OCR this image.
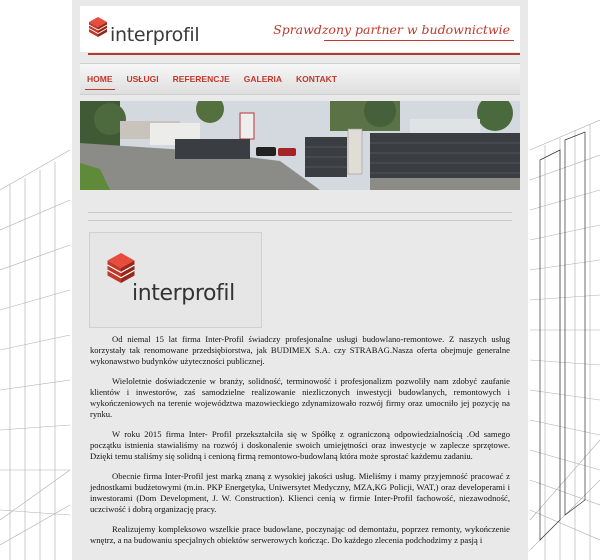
interprofil	Sprawdzony partner w budownictwie
HOME	USŁUGI	REFERENCJE	GALERIA	KONTAKT
interprofil

Od niemal 15 lat firma Inter-Profil świadczy profesjonalne usługi budowlano-remontowe. Z naszych usług korzystały tak renomowane przedsiębiorstwa, jak BUDIMEX S.A. czy STRABAG.Nasza oferta obejmuje generalne wykonawstwo budynków użyteczności publicznej.

Wieloletnie doświadczenie w branży, solidność, terminowość i profesjonalizm pozwoliły nam zdobyć zaufanie klientów i inwestorów, zaś samodzielne realizowanie niezliczonych inwestycji budowlanych, remontowych i wykończeniowych na terenie województwa mazowieckiego zdynamizowało rozwój firmy oraz umocniło jej pozycję na rynku.

W roku 2015 firma Inter- Profil przekształciła się w Spółkę z ograniczoną odpowiedzialnością .Od samego początku istnienia stawialiśmy na rozwój i doskonalenie swoich umiejętności oraz inwestycje w zaplecze sprzętowe. Dzięki temu staliśmy się solidną i cenioną firmą remontowo-budowlaną która może sprostać każdemu zadaniu.

Obecnie firma Inter-Profil jest marką znaną z wysokiej jakości usług. Mieliśmy i mamy przyjemność pracować z jednostkami budżetowymi (m.in. PKP Energetyka, Uniwersytet Medyczny, MZA,KG Policji, WAT,) oraz developerami i inwestorami (Dom Development, J. W. Construction). Klienci cenią w firmie Inter-Profil fachowość, niezawodność, uczciwość i dobrą organizację pracy.

Realizujemy kompleksowo wszelkie prace budowlane, poczynając od demontażu, poprzez remonty, wykończenie wnętrz, a na budowaniu specjalnych obiektów serwerowych kończąc. Do każdego zlecenia podchodzimy z pasją i
